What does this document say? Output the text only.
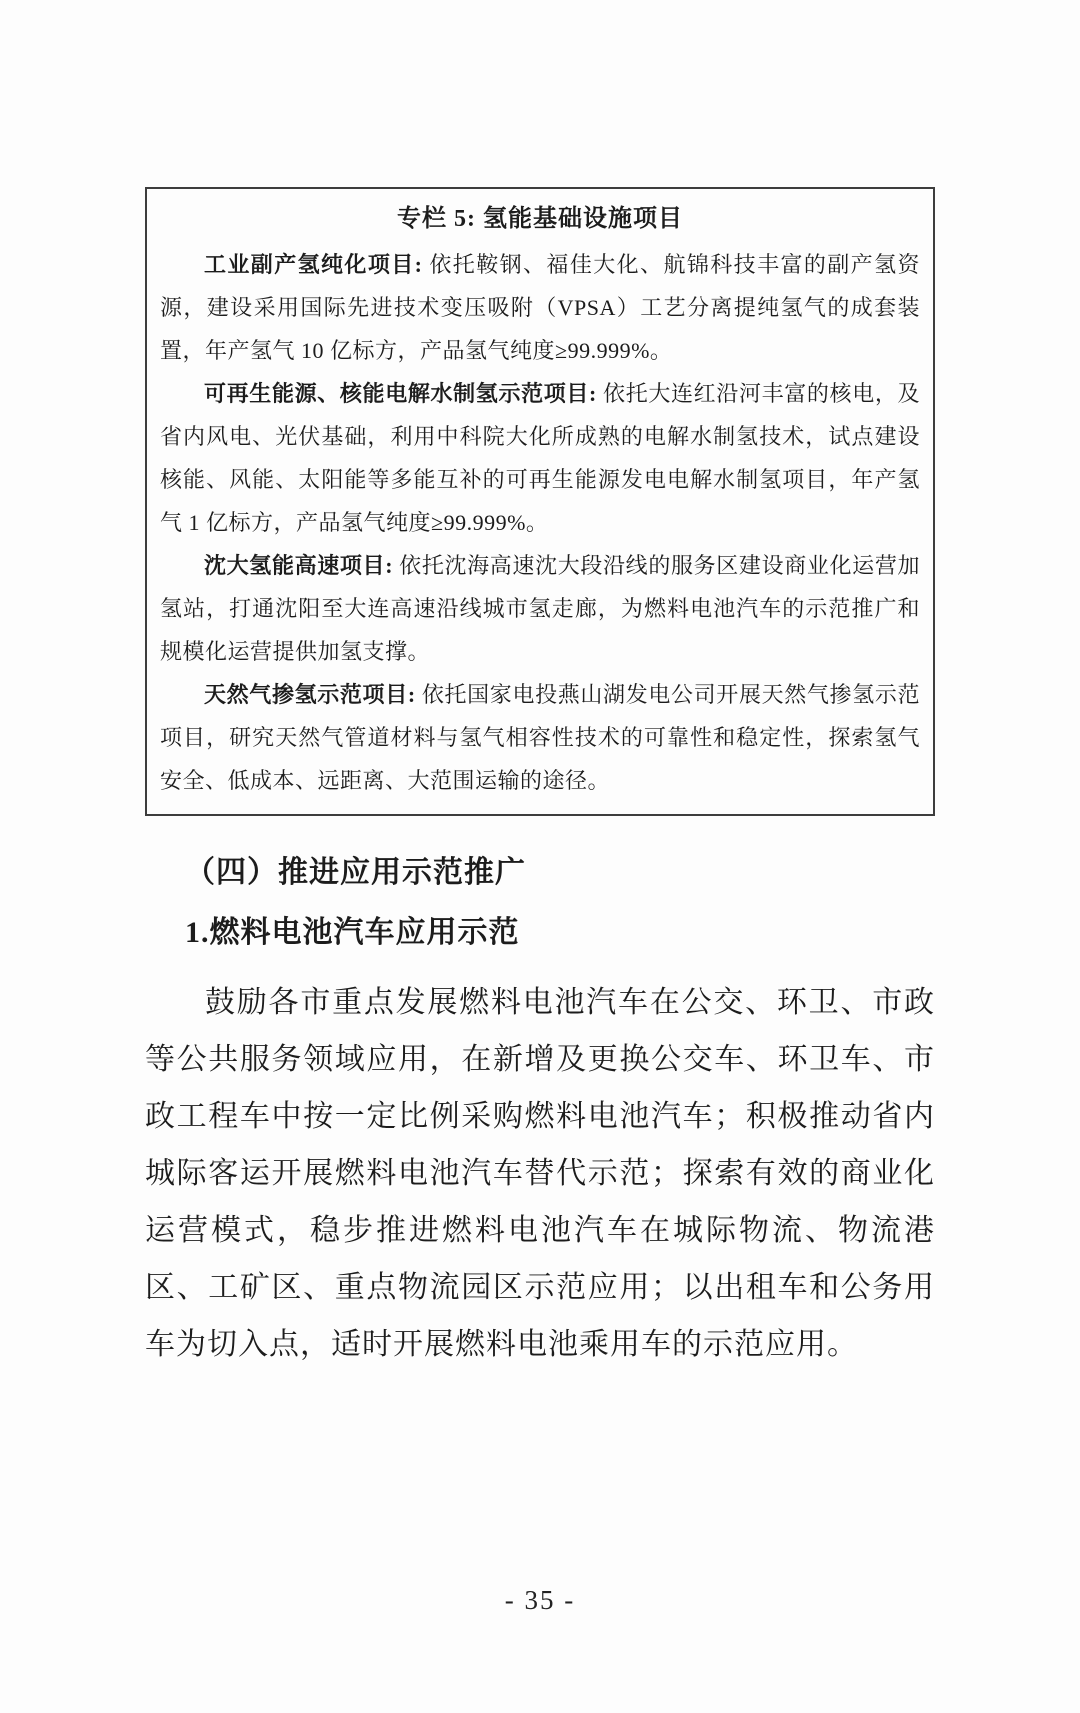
专栏 5: 氢能基础设施项目

工业副产氢纯化项目: 依托鞍钢、福佳大化、航锦科技丰富的副产氢资源，建设采用国际先进技术变压吸附（VPSA）工艺分离提纯氢气的成套装置，年产氢气 10 亿标方，产品氢气纯度≥99.999%。

可再生能源、核能电解水制氢示范项目: 依托大连红沿河丰富的核电，及省内风电、光伏基础，利用中科院大化所成熟的电解水制氢技术，试点建设核能、风能、太阳能等多能互补的可再生能源发电电解水制氢项目，年产氢气 1 亿标方，产品氢气纯度≥99.999%。

沈大氢能高速项目: 依托沈海高速沈大段沿线的服务区建设商业化运营加氢站，打通沈阳至大连高速沿线城市氢走廊，为燃料电池汽车的示范推广和规模化运营提供加氢支撑。

天然气掺氢示范项目: 依托国家电投燕山湖发电公司开展天然气掺氢示范项目，研究天然气管道材料与氢气相容性技术的可靠性和稳定性，探索氢气安全、低成本、远距离、大范围运输的途径。

（四）推进应用示范推广
1.燃料电池汽车应用示范

鼓励各市重点发展燃料电池汽车在公交、环卫、市政等公共服务领域应用，在新增及更换公交车、环卫车、市政工程车中按一定比例采购燃料电池汽车；积极推动省内城际客运开展燃料电池汽车替代示范；探索有效的商业化运营模式，稳步推进燃料电池汽车在城际物流、物流港区、工矿区、重点物流园区示范应用；以出租车和公务用车为切入点，适时开展燃料电池乘用车的示范应用。

- 35 -
